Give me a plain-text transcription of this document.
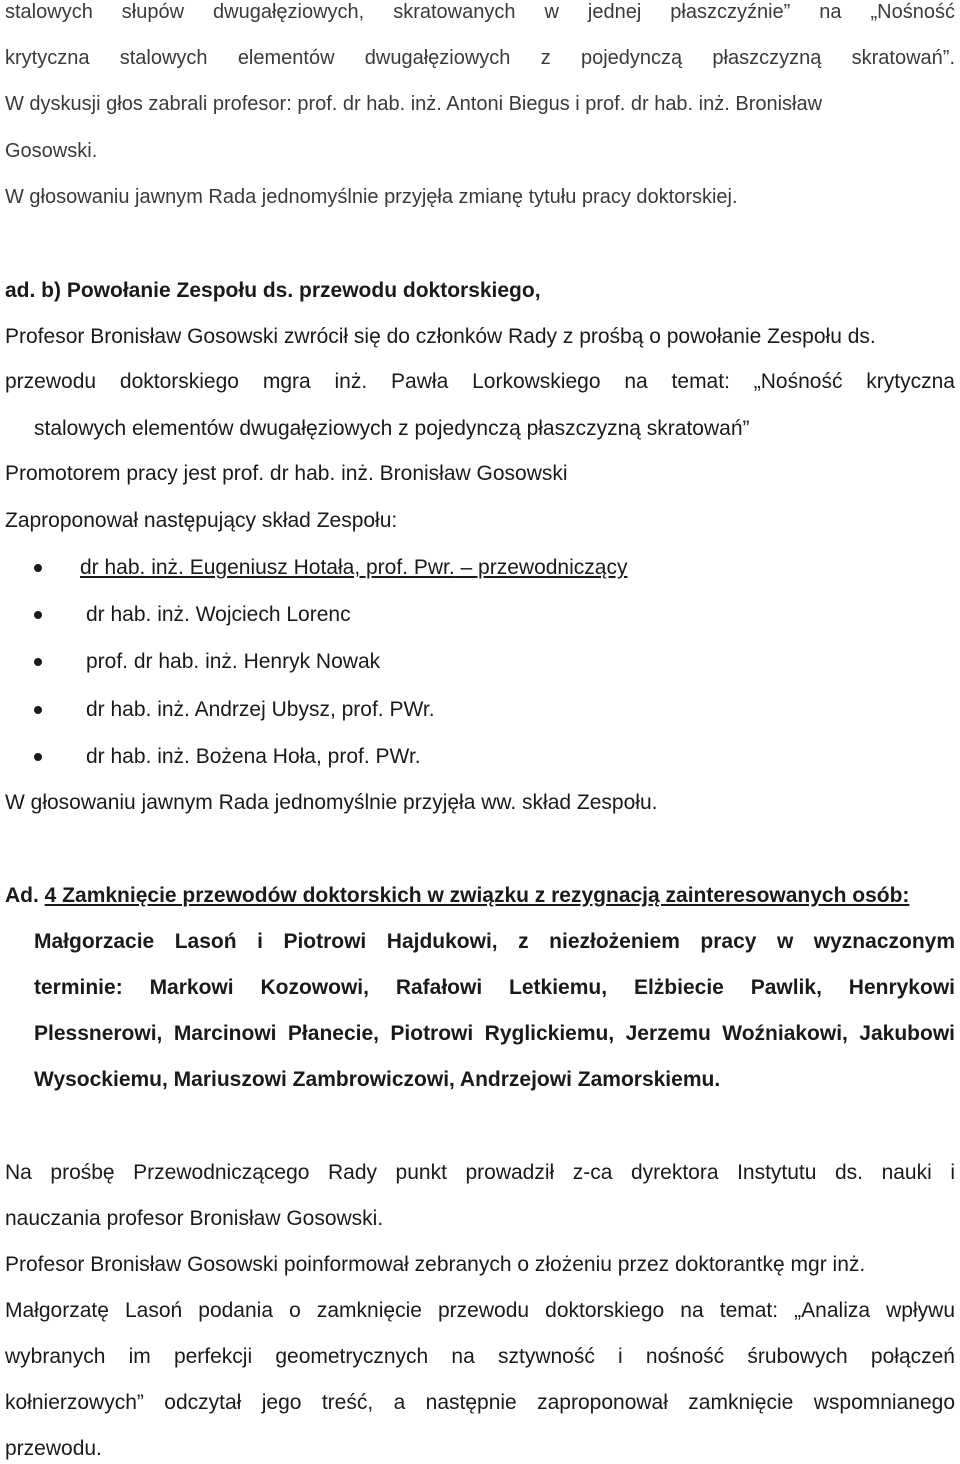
stalowych słupów dwugałęziowych, skratowanych w jednej płaszczyźnie” na „Nośność
krytyczna stalowych elementów dwugałęziowych z pojedynczą płaszczyzną skratowań”.
W dyskusji głos zabrali profesor: prof. dr hab. inż. Antoni Biegus i prof. dr hab. inż. Bronisław
Gosowski.
W głosowaniu jawnym Rada jednomyślnie przyjęła zmianę tytułu pracy doktorskiej.
ad. b) Powołanie Zespołu ds. przewodu doktorskiego,
Profesor Bronisław Gosowski zwrócił się do członków Rady z prośbą o powołanie Zespołu ds.
przewodu doktorskiego mgra inż. Pawła Lorkowskiego na temat: „Nośność krytyczna
stalowych elementów dwugałęziowych z pojedynczą płaszczyzną skratowań”
Promotorem pracy jest prof. dr hab. inż. Bronisław Gosowski
Zaproponował następujący skład Zespołu:
dr hab. inż. Eugeniusz Hotała, prof. Pwr. – przewodniczący
dr hab. inż. Wojciech Lorenc
prof. dr hab. inż. Henryk Nowak
dr hab. inż. Andrzej Ubysz, prof. PWr.
dr hab. inż. Bożena Hoła, prof. PWr.
W głosowaniu jawnym Rada jednomyślnie przyjęła ww. skład Zespołu.
Ad. 4 Zamknięcie przewodów doktorskich w związku z rezygnacją zainteresowanych osób:
Małgorzacie Lasoń i Piotrowi Hajdukowi, z niezłożeniem pracy w wyznaczonym
terminie: Markowi Kozowowi, Rafałowi Letkiemu, Elżbiecie Pawlik, Henrykowi
Plessnerowi, Marcinowi Płanecie, Piotrowi Ryglickiemu, Jerzemu Woźniakowi, Jakubowi
Wysockiemu, Mariuszowi Zambrowiczowi, Andrzejowi Zamorskiemu.
Na prośbę Przewodniczącego Rady punkt prowadził z-ca dyrektora Instytutu ds. nauki i
nauczania profesor Bronisław Gosowski.
Profesor Bronisław Gosowski poinformował zebranych o złożeniu przez doktorantkę mgr inż.
Małgorzatę Lasoń podania o zamknięcie przewodu doktorskiego na temat: „Analiza wpływu
wybranych im perfekcji geometrycznych na sztywność i nośność śrubowych połączeń
kołnierzowych” odczytał jego treść, a następnie zaproponował zamknięcie wspomnianego
przewodu.
